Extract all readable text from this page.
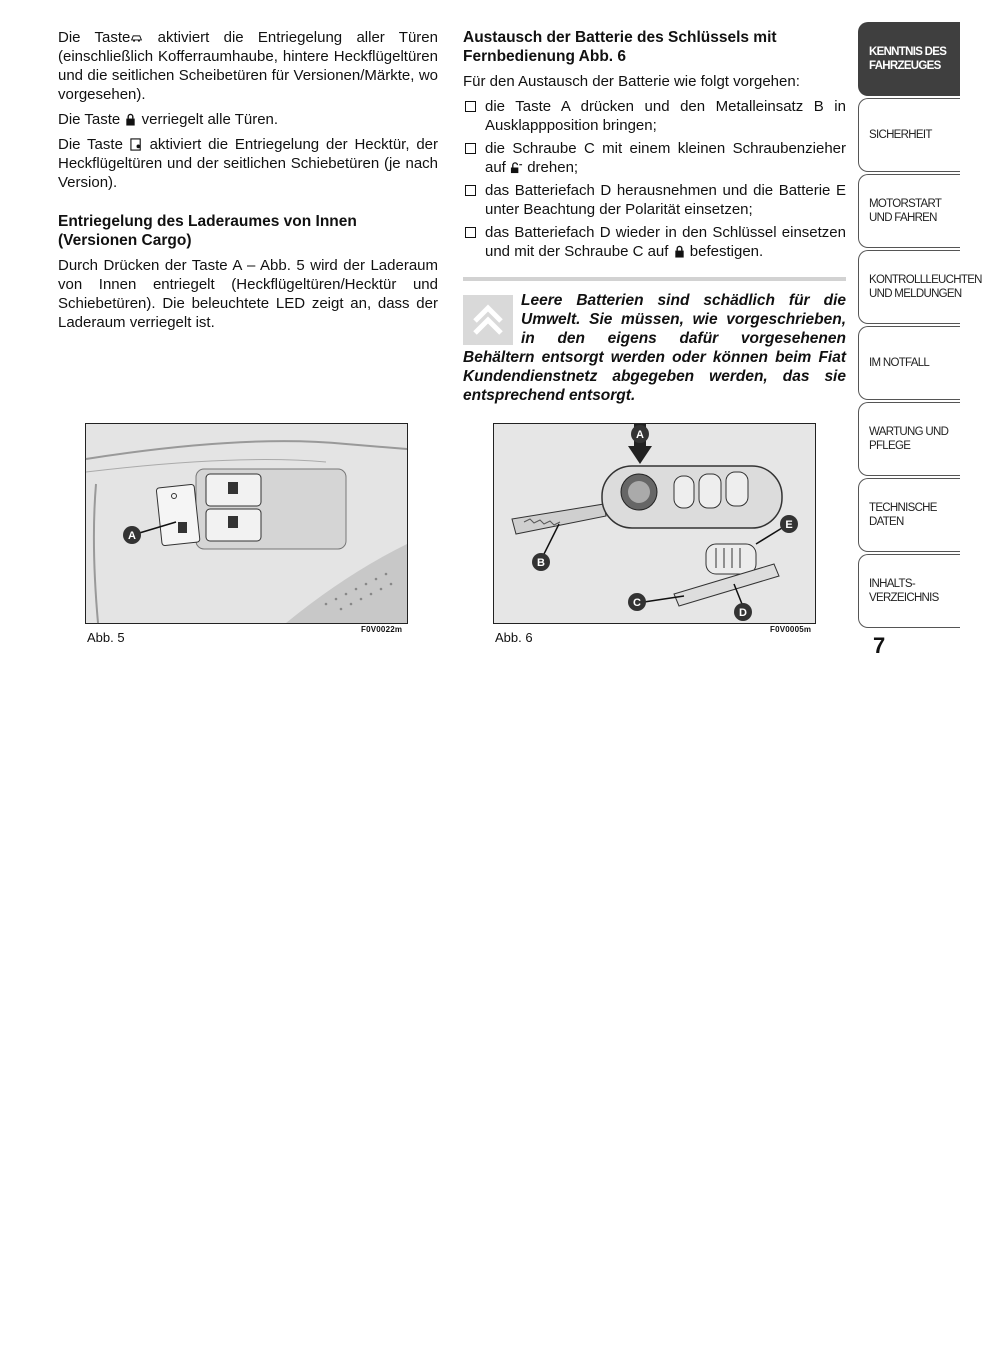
Die Taste aktiviert die Entriegelung aller Türen (einschließlich Kofferraumhaube, hintere Heckflügeltüren und die seitlichen Scheibetüren für Versionen/Märkte, wo vorgesehen).

Die Taste  verriegelt alle Türen.

Die Taste  aktiviert die Entriegelung der Hecktür, der Heckflügeltüren und der seitlichen Schiebetüren (je nach Version).

Entriegelung des Laderaumes von Innen (Versionen Cargo)

Durch Drücken der Taste A – Abb. 5 wird der Laderaum von Innen entriegelt (Heckflügeltüren/Hecktür und Schiebetüren). Die beleuchtete LED zeigt an, dass der Laderaum verriegelt ist.

Austausch der Batterie des Schlüssels mit Fernbedienung Abb. 6

Für den Austausch der Batterie wie folgt vorgehen:

die Taste A drücken und den Metalleinsatz B in Ausklappposition bringen;
die Schraube C mit einem kleinen Schraubenzieher auf  drehen;
das Batteriefach D herausnehmen und die Batterie E unter Beachtung der Polarität einsetzen;
das Batteriefach D wieder in den Schlüssel einsetzen und mit der Schraube C auf  befestigen.
Leere Batterien sind schädlich für die Umwelt. Sie müssen, wie vorgeschrieben, in den eigens dafür vorgesehenen Behältern entsorgt werden oder können beim Fiat Kundendienstnetz abgegeben werden, das sie entsprechend entsorgt.
A
Abb. 5
F0V0022m
A
B
C
D
E
Abb. 6
F0V0005m
KENNTNIS DES FAHRZEUGES
SICHERHEIT
MOTORSTART UND FAHREN
KONTROLLLEUCHTEN UND MELDUNGEN
IM NOTFALL
WARTUNG UND PFLEGE
TECHNISCHE DATEN
INHALTS-VERZEICHNIS
7
